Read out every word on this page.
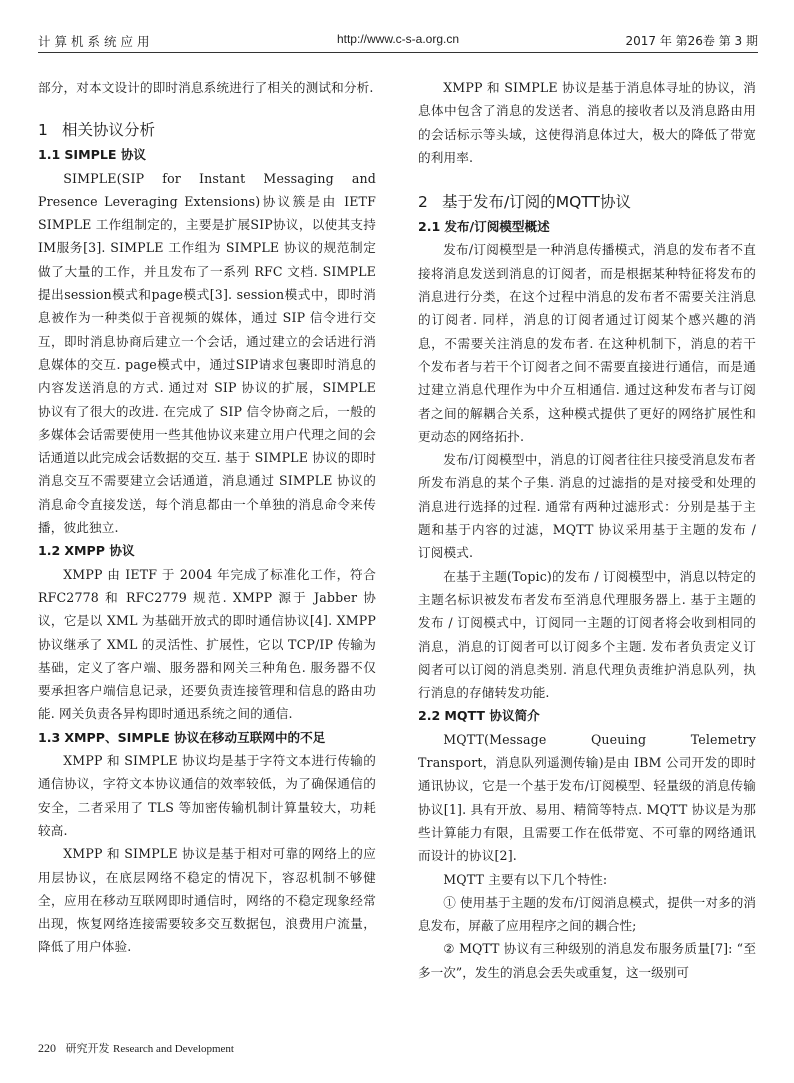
计算机系统应用	http://www.c-s-a.org.cn	2017 年 第26卷 第 3 期

部分，对本文设计的即时消息系统进行了相关的测试和分析.

1 相关协议分析
1.1 SIMPLE 协议

SIMPLE(SIP for Instant Messaging and Presence Leveraging Extensions)协议簇是由 IETF SIMPLE 工作组制定的，主要是扩展SIP协议，以使其支持IM服务[3]. SIMPLE 工作组为 SIMPLE 协议的规范制定做了大量的工作，并且发布了一系列 RFC 文档. SIMPLE 提出session模式和page模式[3]. session模式中，即时消息被作为一种类似于音视频的媒体，通过 SIP 信令进行交互，即时消息协商后建立一个会话，通过建立的会话进行消息媒体的交互. page模式中，通过SIP请求包裹即时消息的内容发送消息的方式. 通过对 SIP 协议的扩展，SIMPLE 协议有了很大的改进. 在完成了 SIP 信令协商之后，一般的多媒体会话需要使用一些其他协议来建立用户代理之间的会话通道以此完成会话数据的交互. 基于 SIMPLE 协议的即时消息交互不需要建立会话通道，消息通过 SIMPLE 协议的消息命令直接发送，每个消息都由一个单独的消息命令来传播，彼此独立.

1.2 XMPP 协议

XMPP 由 IETF 于 2004 年完成了标准化工作，符合 RFC2778 和 RFC2779 规范. XMPP 源于 Jabber 协议，它是以 XML 为基础开放式的即时通信协议[4]. XMPP 协议继承了 XML 的灵活性、扩展性，它以 TCP/IP 传输为基础，定义了客户端、服务器和网关三种角色. 服务器不仅要承担客户端信息记录，还要负责连接管理和信息的路由功能. 网关负责各异构即时通迅系统之间的通信.

1.3 XMPP、SIMPLE 协议在移动互联网中的不足

XMPP 和 SIMPLE 协议均是基于字符文本进行传输的通信协议，字符文本协议通信的效率较低，为了确保通信的安全，二者采用了 TLS 等加密传输机制计算量较大，功耗较高.

XMPP 和 SIMPLE 协议是基于相对可靠的网络上的应用层协议，在底层网络不稳定的情况下，容忍机制不够健全，应用在移动互联网即时通信时，网络的不稳定现象经常出现，恢复网络连接需要较多交互数据包，浪费用户流量，降低了用户体验.

XMPP 和 SIMPLE 协议是基于消息体寻址的协议，消息体中包含了消息的发送者、消息的接收者以及消息路由用的会话标示等头域，这使得消息体过大，极大的降低了带宽的利用率.

2 基于发布/订阅的MQTT协议
2.1 发布/订阅模型概述

发布/订阅模型是一种消息传播模式，消息的发布者不直接将消息发送到消息的订阅者，而是根据某种特征将发布的消息进行分类，在这个过程中消息的发布者不需要关注消息的订阅者. 同样，消息的订阅者通过订阅某个感兴趣的消息，不需要关注消息的发布者. 在这种机制下，消息的若干个发布者与若干个订阅者之间不需要直接进行通信，而是通过建立消息代理作为中介互相通信. 通过这种发布者与订阅者之间的解耦合关系，这种模式提供了更好的网络扩展性和更动态的网络拓扑.

发布/订阅模型中，消息的订阅者往往只接受消息发布者所发布消息的某个子集. 消息的过滤指的是对接受和处理的消息进行选择的过程. 通常有两种过滤形式：分别是基于主题和基于内容的过滤，MQTT 协议采用基于主题的发布 / 订阅模式.

在基于主题(Topic)的发布 / 订阅模型中，消息以特定的主题名标识被发布者发布至消息代理服务器上. 基于主题的发布 / 订阅模式中，订阅同一主题的订阅者将会收到相同的消息，消息的订阅者可以订阅多个主题. 发布者负责定义订阅者可以订阅的消息类别. 消息代理负责维护消息队列，执行消息的存储转发功能.

2.2 MQTT 协议简介

MQTT(Message Queuing Telemetry Transport，消息队列遥测传输)是由 IBM 公司开发的即时通讯协议，它是一个基于发布/订阅模型、轻量级的消息传输协议[1]. 具有开放、易用、精简等特点. MQTT 协议是为那些计算能力有限，且需要工作在低带宽、不可靠的网络通讯而设计的协议[2].

MQTT 主要有以下几个特性:

① 使用基于主题的发布/订阅消息模式，提供一对多的消息发布，屏蔽了应用程序之间的耦合性;

② MQTT 协议有三种级别的消息发布服务质量[7]: “至多一次”，发生的消息会丢失或重复，这一级别可

220 研究开发 Research and Development
